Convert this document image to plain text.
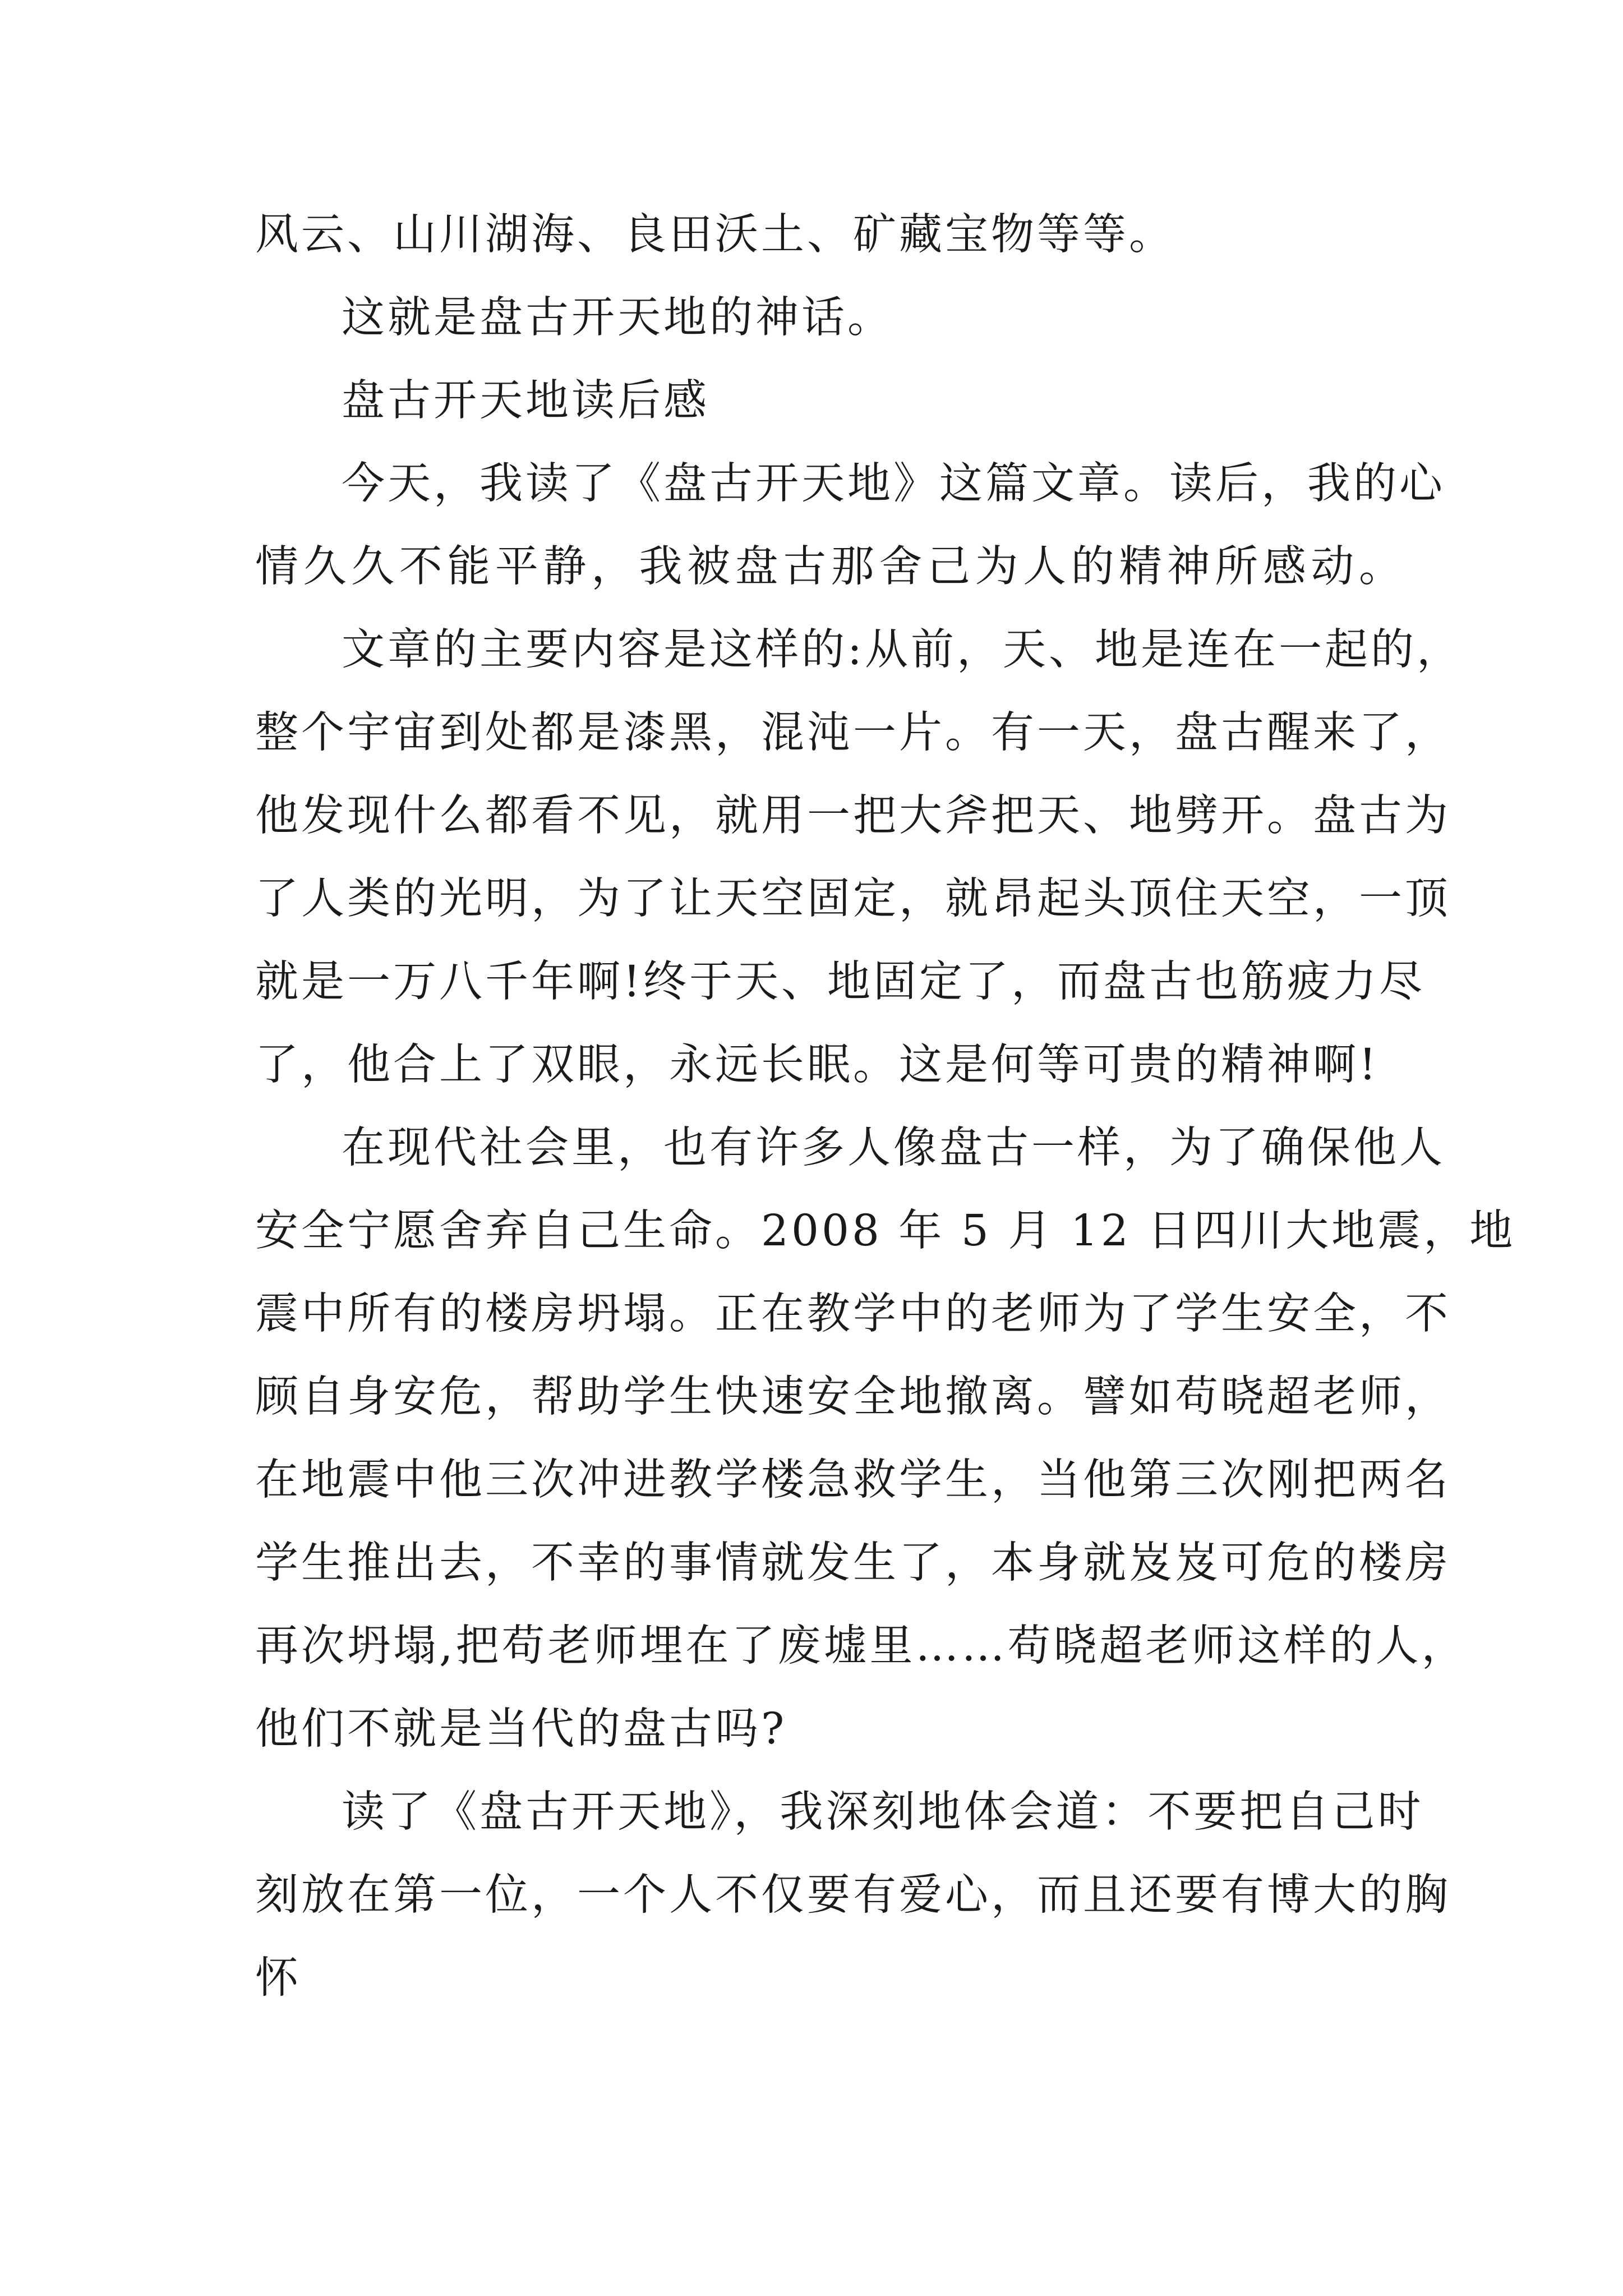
风云、山川湖海、良田沃土、矿藏宝物等等。
这就是盘古开天地的神话。
盘古开天地读后感
今天，我读了《盘古开天地》这篇文章。读后，我的心
情久久不能平静，我被盘古那舍己为人的精神所感动。
文章的主要内容是这样的:从前，天、地是连在一起的，
整个宇宙到处都是漆黑，混沌一片。有一天，盘古醒来了，
他发现什么都看不见，就用一把大斧把天、地劈开。盘古为
了人类的光明，为了让天空固定，就昂起头顶住天空，一顶
就是一万八千年啊!终于天、地固定了，而盘古也筋疲力尽
了，他合上了双眼，永远长眠。这是何等可贵的精神啊!
在现代社会里，也有许多人像盘古一样，为了确保他人
安全宁愿舍弃自己生命。2008 年 5 月 12 日四川大地震，地
震中所有的楼房坍塌。正在教学中的老师为了学生安全，不
顾自身安危，帮助学生快速安全地撤离。譬如苟晓超老师，
在地震中他三次冲进教学楼急救学生，当他第三次刚把两名
学生推出去，不幸的事情就发生了，本身就岌岌可危的楼房
再次坍塌,把苟老师埋在了废墟里……苟晓超老师这样的人，
他们不就是当代的盘古吗?
读了《盘古开天地》，我深刻地体会道：不要把自己时
刻放在第一位，一个人不仅要有爱心，而且还要有博大的胸
怀
